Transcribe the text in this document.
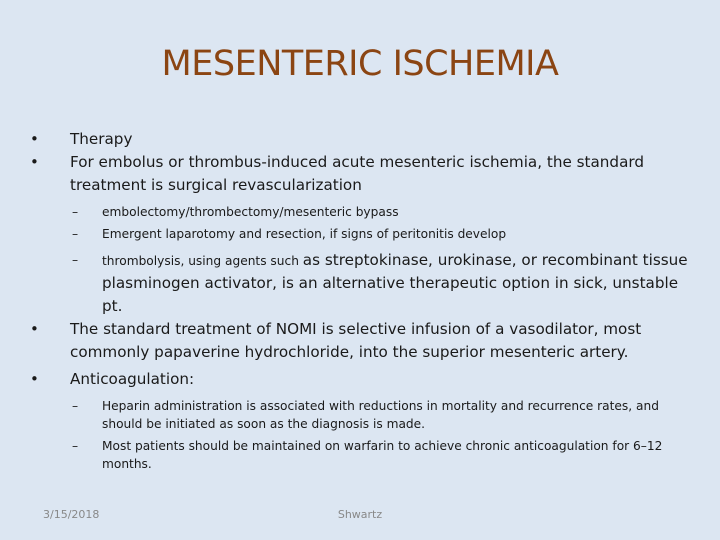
MESENTERIC ISCHEMIA
• Therapy
• For embolus or thrombus-induced acute mesenteric ischemia, the standard treatment is surgical revascularization
– embolectomy/thrombectomy/mesenteric bypass
– Emergent laparotomy and resection, if signs of peritonitis develop
– thrombolysis, using agents such as streptokinase, urokinase, or recombinant tissue plasminogen activator, is an alternative therapeutic option in sick, unstable pt.
• The standard treatment of NOMI is selective infusion of a vasodilator, most commonly papaverine hydrochloride, into the superior mesenteric artery.
• Anticoagulation:
– Heparin administration is associated with reductions in mortality and recurrence rates, and should be initiated as soon as the diagnosis is made.
– Most patients should be maintained on warfarin to achieve chronic anticoagulation for 6–12 months.
3/15/2018	Shwartz
